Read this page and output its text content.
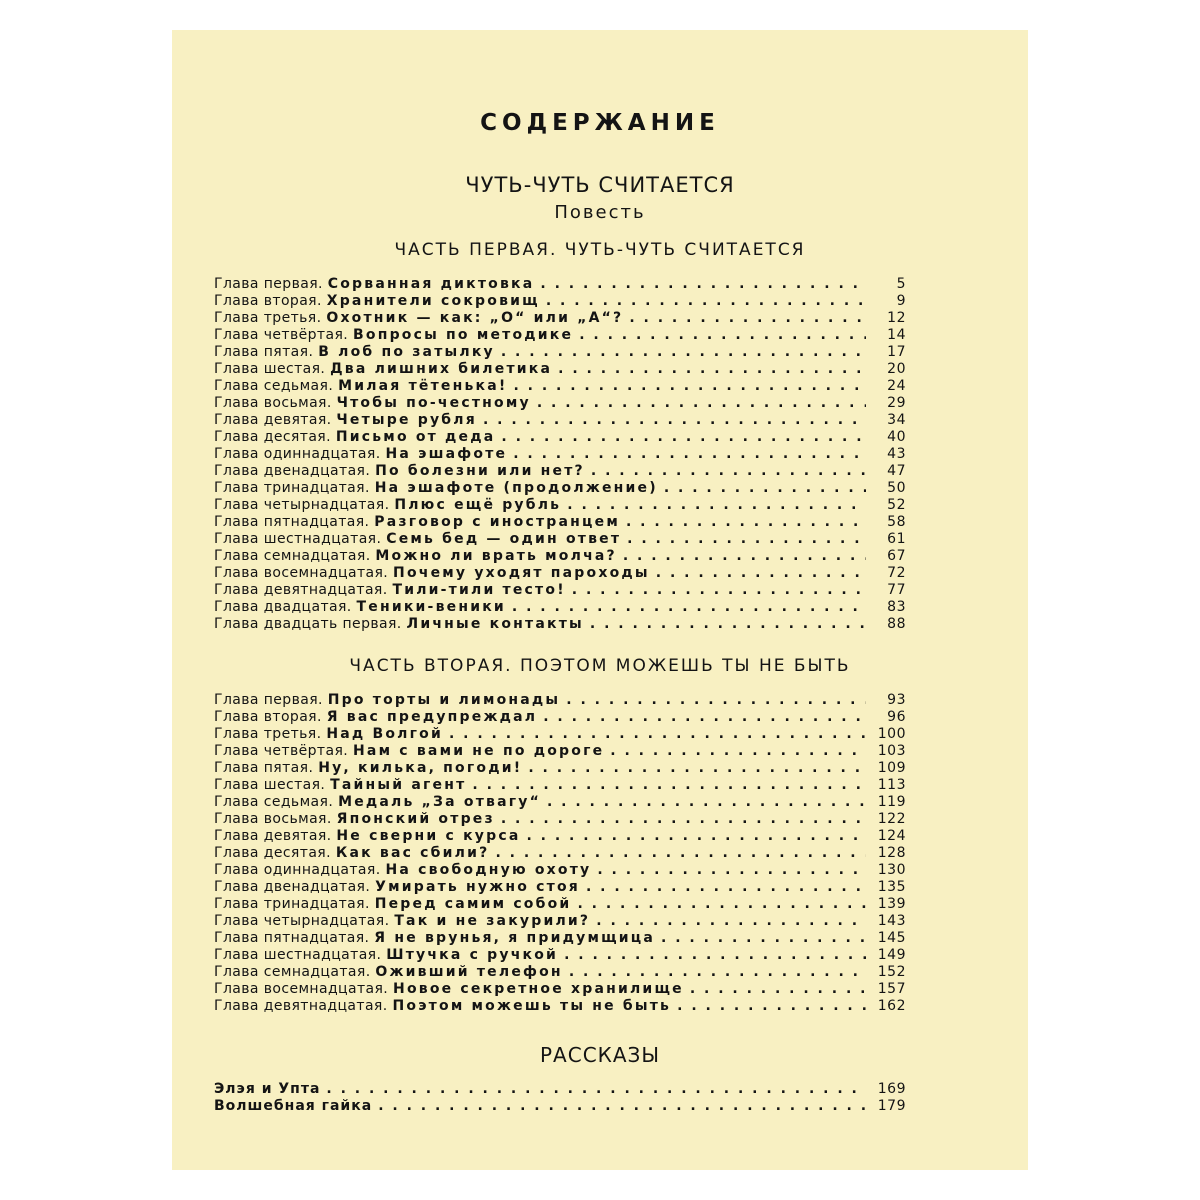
СОДЕРЖАНИЕ
ЧУТЬ-ЧУТЬ СЧИТАЕТСЯ
Повесть
ЧАСТЬ ПЕРВАЯ. ЧУТЬ-ЧУТЬ СЧИТАЕТСЯ
Глава первая. Сорванная диктовка . . .	5
Глава вторая. Хранители сокровищ . . .	9
Глава третья. Охотник — как: „О“ или „А“? . . .	12
Глава четвёртая. Вопросы по методике . . .	14
Глава пятая. В лоб по затылку . . .	17
Глава шестая. Два лишних билетика . . .	20
Глава седьмая. Милая тётенька! . . .	24
Глава восьмая. Чтобы по-честному . . .	29
Глава девятая. Четыре рубля . . .	34
Глава десятая. Письмо от деда . . .	40
Глава одиннадцатая. На эшафоте . . .	43
Глава двенадцатая. По болезни или нет? . . .	47
Глава тринадцатая. На эшафоте (продолжение) . . .	50
Глава четырнадцатая. Плюс ещё рубль . . .	52
Глава пятнадцатая. Разговор с иностранцем . . .	58
Глава шестнадцатая. Семь бед — один ответ . . .	61
Глава семнадцатая. Можно ли врать молча? . . .	67
Глава восемнадцатая. Почему уходят пароходы . . .	72
Глава девятнадцатая. Тили-тили тесто! . . .	77
Глава двадцатая. Теники-веники . . .	83
Глава двадцать первая. Личные контакты . . .	88
ЧАСТЬ ВТОРАЯ. ПОЭТОМ МОЖЕШЬ ТЫ НЕ БЫТЬ
Глава первая. Про торты и лимонады . . .	93
Глава вторая. Я вас предупреждал . . .	96
Глава третья. Над Волгой . . .	100
Глава четвёртая. Нам с вами не по дороге . . .	103
Глава пятая. Ну, килька, погоди! . . .	109
Глава шестая. Тайный агент . . .	113
Глава седьмая. Медаль „За отвагу“ . . .	119
Глава восьмая. Японский отрез . . .	122
Глава девятая. Не сверни с курса . . .	124
Глава десятая. Как вас сбили? . . .	128
Глава одиннадцатая. На свободную охоту . . .	130
Глава двенадцатая. Умирать нужно стоя . . .	135
Глава тринадцатая. Перед самим собой . . .	139
Глава четырнадцатая. Так и не закурили? . . .	143
Глава пятнадцатая. Я не врунья, я придумщица . . .	145
Глава шестнадцатая. Штучка с ручкой . . .	149
Глава семнадцатая. Оживший телефон . . .	152
Глава восемнадцатая. Новое секретное хранилище . . .	157
Глава девятнадцатая. Поэтом можешь ты не быть . . .	162
РАССКАЗЫ
Элэя и Упта . . .	169
Волшебная гайка . . .	179
